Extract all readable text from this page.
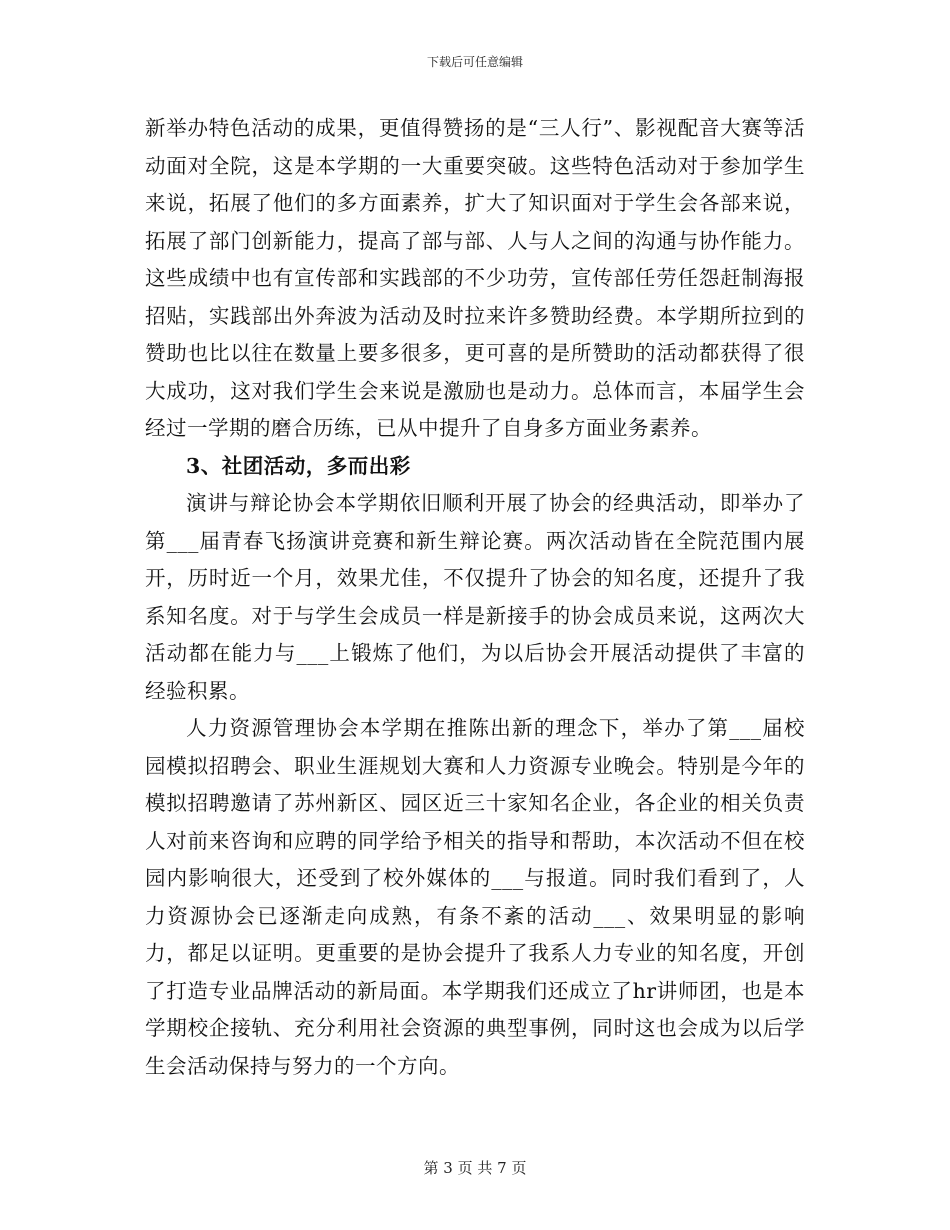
下载后可任意编辑

新举办特色活动的成果，更值得赞扬的是“三人行”、影视配音大赛等活动面对全院，这是本学期的一大重要突破。这些特色活动对于参加学生来说，拓展了他们的多方面素养，扩大了知识面对于学生会各部来说，拓展了部门创新能力，提高了部与部、人与人之间的沟通与协作能力。这些成绩中也有宣传部和实践部的不少功劳，宣传部任劳任怨赶制海报招贴，实践部出外奔波为活动及时拉来许多赞助经费。本学期所拉到的赞助也比以往在数量上要多很多，更可喜的是所赞助的活动都获得了很大成功，这对我们学生会来说是激励也是动力。总体而言，本届学生会经过一学期的磨合历练，已从中提升了自身多方面业务素养。

3、社团活动，多而出彩

演讲与辩论协会本学期依旧顺利开展了协会的经典活动，即举办了第___届青春飞扬演讲竞赛和新生辩论赛。两次活动皆在全院范围内展开，历时近一个月，效果尤佳，不仅提升了协会的知名度，还提升了我系知名度。对于与学生会成员一样是新接手的协会成员来说，这两次大活动都在能力与___上锻炼了他们，为以后协会开展活动提供了丰富的经验积累。

人力资源管理协会本学期在推陈出新的理念下，举办了第___届校园模拟招聘会、职业生涯规划大赛和人力资源专业晚会。特别是今年的模拟招聘邀请了苏州新区、园区近三十家知名企业，各企业的相关负责人对前来咨询和应聘的同学给予相关的指导和帮助，本次活动不但在校园内影响很大，还受到了校外媒体的___与报道。同时我们看到了，人力资源协会已逐渐走向成熟，有条不紊的活动___、效果明显的影响力，都足以证明。更重要的是协会提升了我系人力专业的知名度，开创了打造专业品牌活动的新局面。本学期我们还成立了hr讲师团，也是本学期校企接轨、充分利用社会资源的典型事例，同时这也会成为以后学生会活动保持与努力的一个方向。

第 3 页 共 7 页
